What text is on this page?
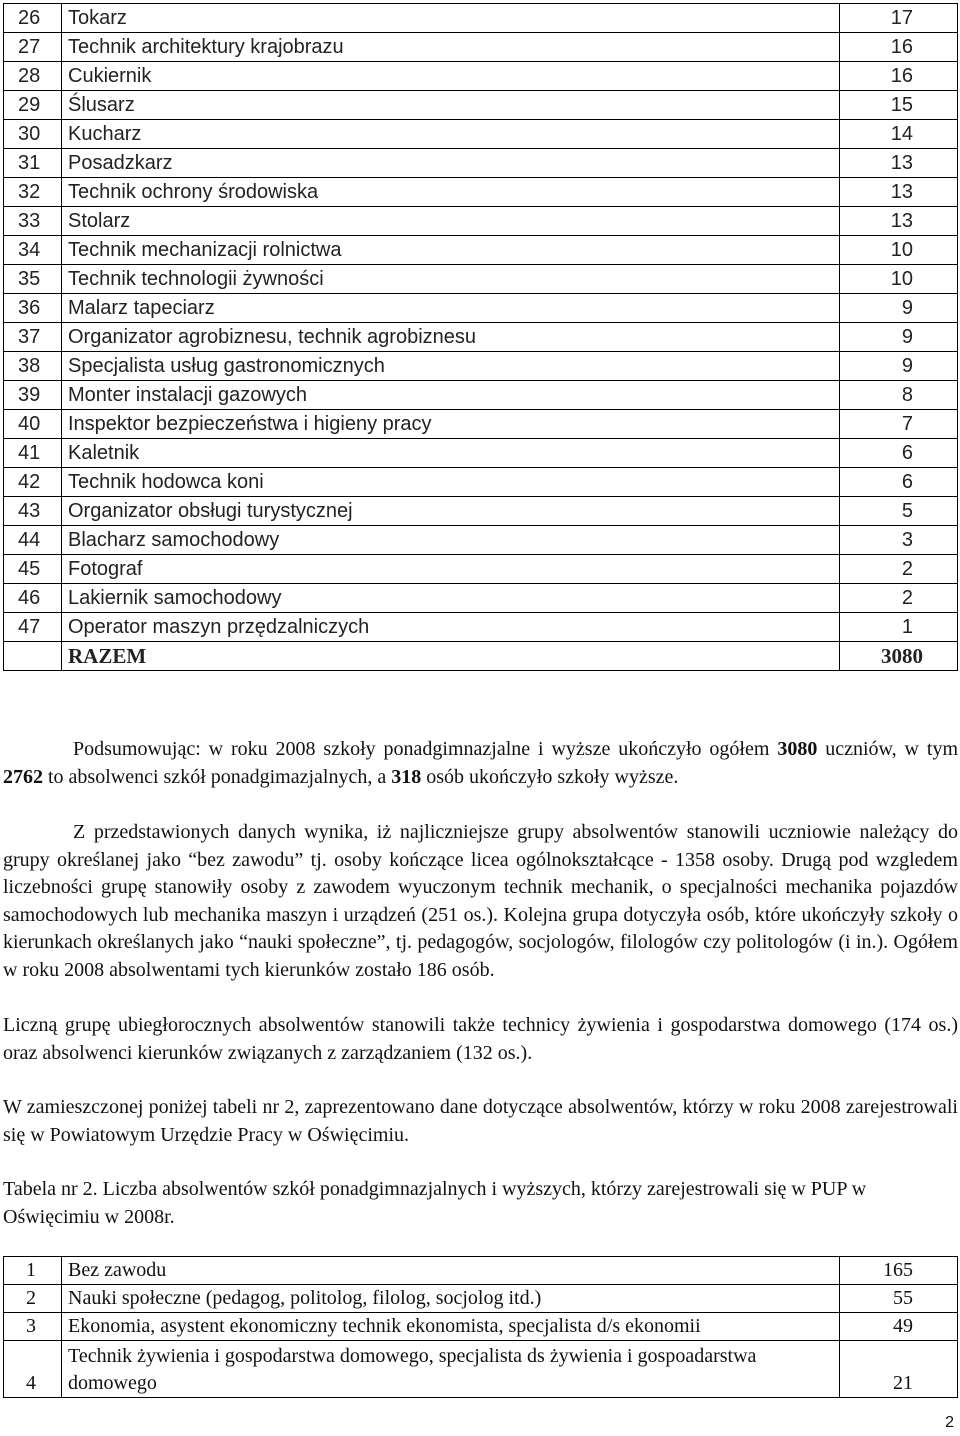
26	Tokarz	17
27	Technik architektury krajobrazu	16
28	Cukiernik	16
29	Ślusarz	15
30	Kucharz	14
31	Posadzkarz	13
32	Technik ochrony środowiska	13
33	Stolarz	13
34	Technik mechanizacji rolnictwa	10
35	Technik technologii żywności	10
36	Malarz tapeciarz	9
37	Organizator agrobiznesu, technik agrobiznesu	9
38	Specjalista usług gastronomicznych	9
39	Monter instalacji gazowych	8
40	Inspektor bezpieczeństwa i higieny pracy	7
41	Kaletnik	6
42	Technik hodowca koni	6
43	Organizator obsługi turystycznej	5
44	Blacharz samochodowy	3
45	Fotograf	2
46	Lakiernik samochodowy	2
47	Operator maszyn przędzalniczych	1
	RAZEM	3080

Podsumowując: w roku 2008 szkoły ponadgimnazjalne i wyższe ukończyło ogółem 3080 uczniów, w tym 2762 to absolwenci szkół ponadgimazjalnych, a 318 osób ukończyło szkoły wyższe.

Z przedstawionych danych wynika, iż najliczniejsze grupy absolwentów stanowili uczniowie należący do grupy określanej jako “bez zawodu” tj. osoby kończące licea ogólnokształcące - 1358 osoby. Drugą pod wzgledem liczebności grupę stanowiły osoby z zawodem wyuczonym technik mechanik, o specjalności mechanika pojazdów samochodowych lub mechanika maszyn i urządzeń (251 os.). Kolejna grupa dotyczyła osób, które ukończyły szkoły o kierunkach określanych jako “nauki społeczne”, tj. pedagogów, socjologów, filologów czy politologów (i in.). Ogółem w roku 2008 absolwentami tych kierunków zostało 186 osób.

Liczną grupę ubiegłorocznych absolwentów stanowili także technicy żywienia i gospodarstwa domowego (174 os.) oraz absolwenci kierunków związanych z zarządzaniem (132 os.).

W zamieszczonej poniżej tabeli nr 2, zaprezentowano dane dotyczące absolwentów, którzy w roku 2008 zarejestrowali się w Powiatowym Urzędzie Pracy w Oświęcimiu.

Tabela nr 2. Liczba absolwentów szkół ponadgimnazjalnych i wyższych, którzy zarejestrowali się w PUP w Oświęcimiu w 2008r.

1	Bez zawodu	165
2	Nauki społeczne (pedagog, politolog, filolog, socjolog itd.)	55
3	Ekonomia, asystent ekonomiczny technik ekonomista, specjalista d/s ekonomii	49
4	Technik żywienia i gospodarstwa domowego, specjalista ds żywienia i gospoadarstwa domowego	21
2
